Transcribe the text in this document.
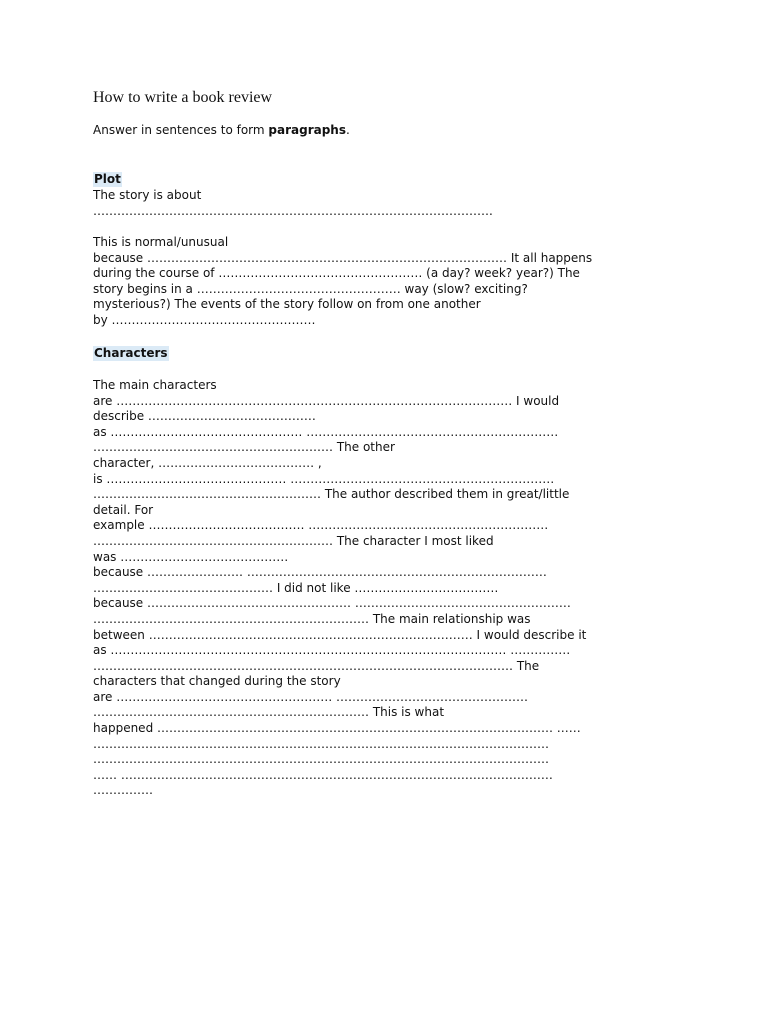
How to write a book review
Answer in sentences to form paragraphs.
Plot
The story is about
……………………………………………………………………………………….
This is normal/unusual
because ……………………………………………………………………………… It all happens
during the course of …………………………………………… (a day? week? year?) The
story begins in a …………………………………………… way (slow? exciting?
mysterious?) The events of the story follow on from one another
by ……………………………………………
Characters
The main characters
are ……………………………………………………………………………………… I would
describe ……………………………………
as ………………………………………… ………………………………………………………
…………………………………………………… The other
character, ………………………………… ,
is ……………………………………… …………………………………………………………
………………………………………………… The author described them in great/little
detail. For
example ………………………………… ……………………………………………………
…………………………………………………… The character I most liked
was ……………………………………
because …………………… …………………………………………………………………
……………………………………… I did not like ………………………………
because …………………………………………… ………………………………………………
…………………………………………………………… The main relationship was
between ……………………………………………………………………… I would describe it
as ……………………………………………………………………………………… ……………
…………………………………………………………………………………………… The
characters that changed during the story
are ……………………………………………… …………………………………………
…………………………………………………………… This is what
happened ……………………………………………………………………………………… ……
……………………………………………………………………………………………………
……………………………………………………………………………………………………
…… ………………………………………………………………………………………………
……………
